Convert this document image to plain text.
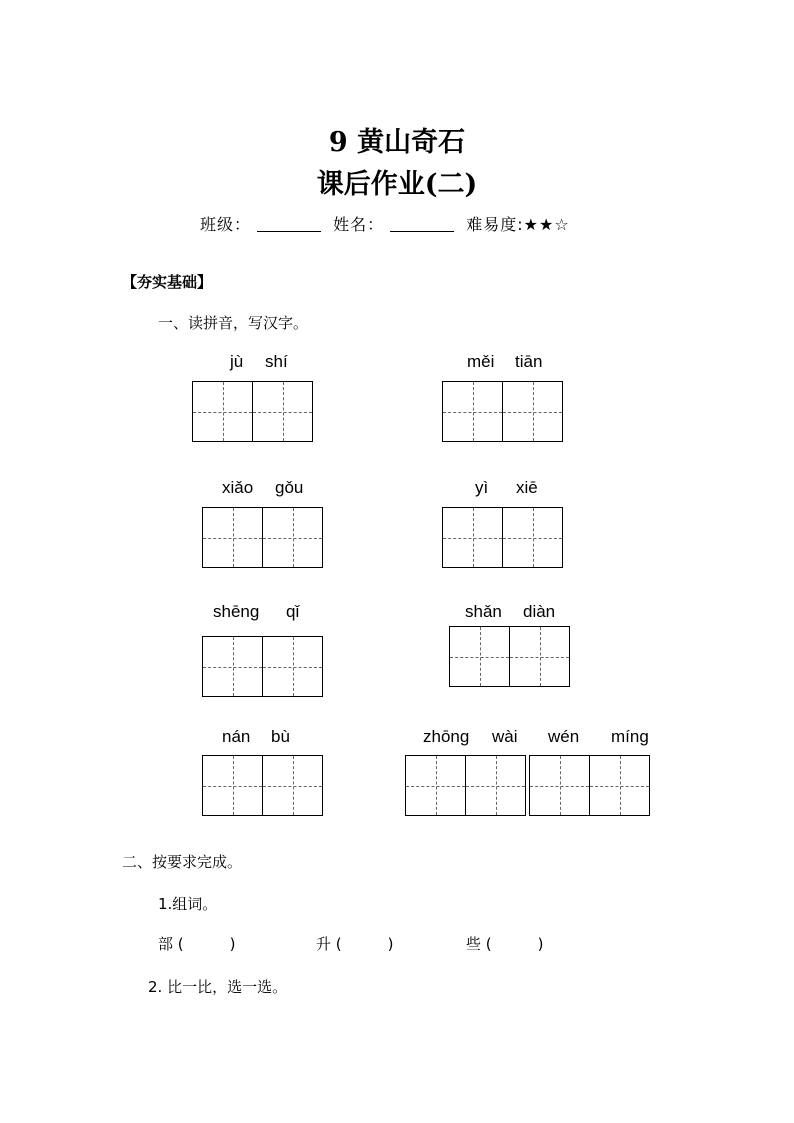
9 黄山奇石
课后作业(二)
班级：	姓名：	难易度:★★☆
【夯实基础】
一、读拼音，写汉字。
jù shí	měi tiān
xiǎo gǒu	yì xiē
shēng qǐ	shǎn diàn
nán bù	zhōng wài wén míng
二、按要求完成。
1.组词。
部 (	)	升 (	)	些 (	)
2. 比一比，选一选。
